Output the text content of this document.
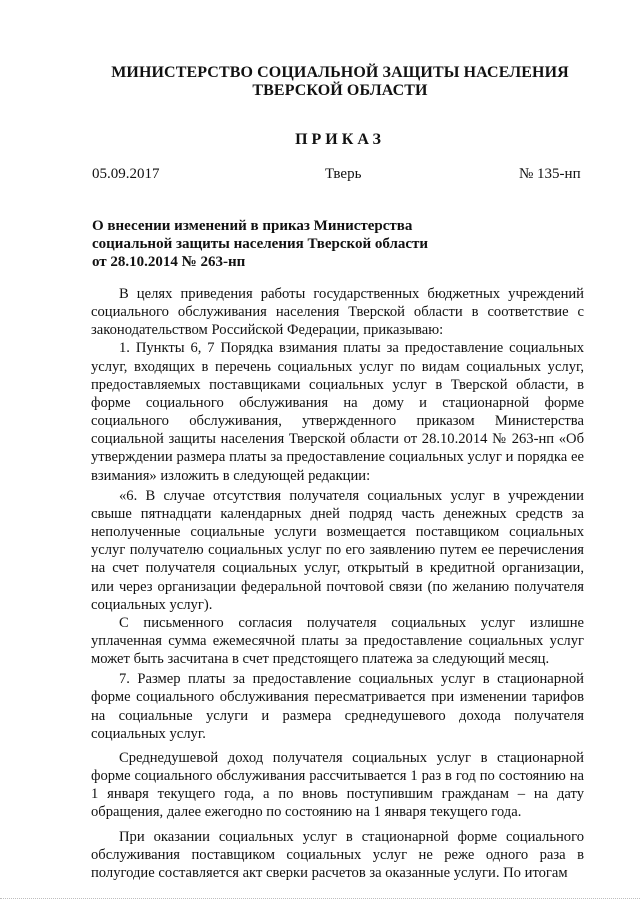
МИНИСТЕРСТВО СОЦИАЛЬНОЙ ЗАЩИТЫ НАСЕЛЕНИЯ
ТВЕРСКОЙ ОБЛАСТИ
ПРИКАЗ
05.09.2017	Тверь	№ 135-нп
О внесении изменений в приказ Министерства
социальной защиты населения Тверской области
от 28.10.2014 № 263-нп

В целях приведения работы государственных бюджетных учреждений социального обслуживания населения Тверской области в соответствие с законодательством Российской Федерации, приказываю:

1. Пункты 6, 7 Порядка взимания платы за предоставление социальных услуг, входящих в перечень социальных услуг по видам социальных услуг, предоставляемых поставщиками социальных услуг в Тверской области, в форме социального обслуживания на дому и стационарной форме социального обслуживания, утвержденного приказом Министерства социальной защиты населения Тверской области от 28.10.2014 № 263-нп «Об утверждении размера платы за предоставление социальных услуг и порядка ее взимания» изложить в следующей редакции:

«6. В случае отсутствия получателя социальных услуг в учреждении свыше пятнадцати календарных дней подряд часть денежных средств за неполученные социальные услуги возмещается поставщиком социальных услуг получателю социальных услуг по его заявлению путем ее перечисления на счет получателя социальных услуг, открытый в кредитной организации, или через организации федеральной почтовой связи (по желанию получателя социальных услуг).

С письменного согласия получателя социальных услуг излишне уплаченная сумма ежемесячной платы за предоставление социальных услуг может быть засчитана в счет предстоящего платежа за следующий месяц.

7. Размер платы за предоставление социальных услуг в стационарной форме социального обслуживания пересматривается при изменении тарифов на социальные услуги и размера среднедушевого дохода получателя социальных услуг.

Среднедушевой доход получателя социальных услуг в стационарной форме социального обслуживания рассчитывается 1 раз в год по состоянию на 1 января текущего года, а по вновь поступившим гражданам – на дату обращения, далее ежегодно по состоянию на 1 января текущего года.

При оказании социальных услуг в стационарной форме социального обслуживания поставщиком социальных услуг не реже одного раза в полугодие составляется акт сверки расчетов за оказанные услуги. По итогам
